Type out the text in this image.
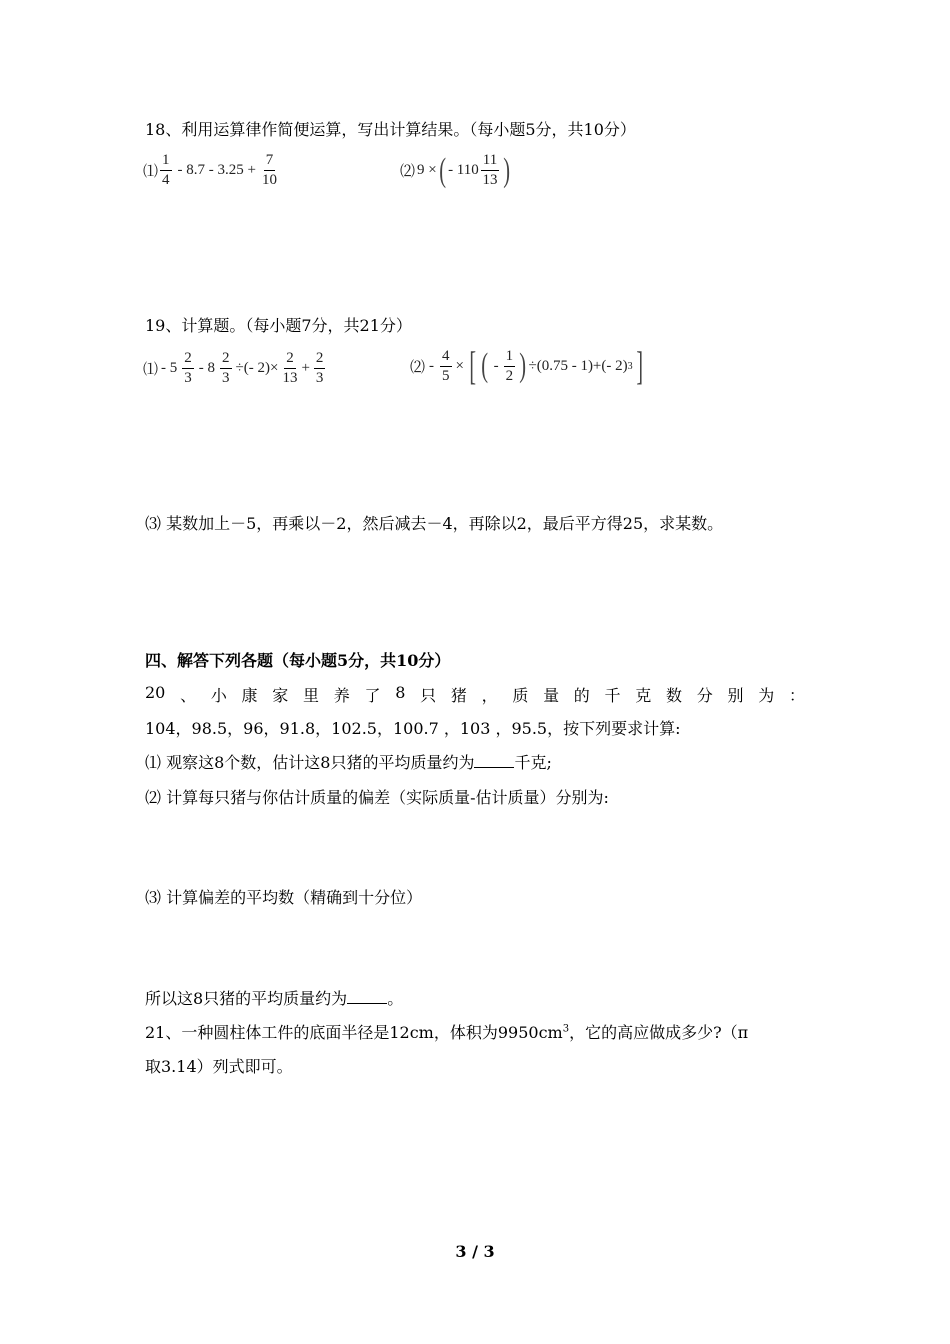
18、利用运算律作简便运算，写出计算结果。（每小题5分，共10分）
⑴ $\frac{1}{4} - 8.7 - 3.25 + \frac{7}{10}$	⑵ 9 × ( - $110 \frac{11}{13}$ )
19、计算题。（每小题7分，共21分）
⑴ - $5 \frac{2}{3} - 8 \frac{2}{3}$ ÷(- $2)\times \frac{2}{13} + \frac{2}{3}$	⑵ - $\frac{4}{5}$ × [ ( - $\frac{1}{2}$ ) ÷(0.75 - 1)+(- 2) 3 ]
⑶ 某数加上－5，再乘以－2，然后减去－4，再除以2，最后平方得25，求某数。
四、解答下列各题（每小题5分，共10分）
20 、 小 康 家 里 养 了 8 只 猪 ， 质 量 的 千 克 数 分 别 为 ：
104，98.5，96，91.8，102.5，100.7 ，103 ，95.5，按下列要求计算:
⑴ 观察这8个数，估计这8只猪的平均质量约为	千克;
⑵ 计算每只猪与你估计质量的偏差（实际质量-估计质量）分别为:
⑶ 计算偏差的平均数（精确到十分位）
所以这8只猪的平均质量约为	。
21、一种圆柱体工件的底面半径是12cm，体积为$9950cm^3$，它的高应做成多少?（π
取3.14）列式即可。
3 / 3
